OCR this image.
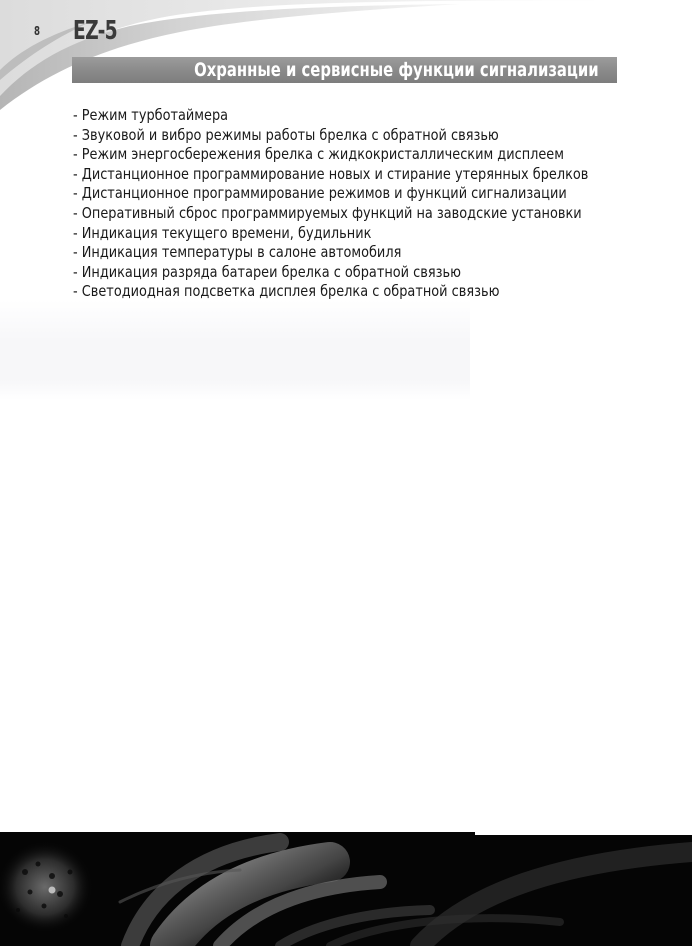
8 EZ-5
Охранные и сервисные функции сигнализации
- Режим турботаймера
- Звуковой и вибро режимы работы брелка с обратной связью
- Режим энергосбережения брелка с жидкокристаллическим дисплеем
- Дистанционное программирование новых и стирание утерянных брелков
- Дистанционное программирование режимов и функций сигнализации
- Оперативный сброс программируемых функций на заводские установки
- Индикация текущего времени, будильник
- Индикация температуры в салоне автомобиля
- Индикация разряда батареи брелка с обратной связью
- Светодиодная подсветка дисплея брелка с обратной связью
